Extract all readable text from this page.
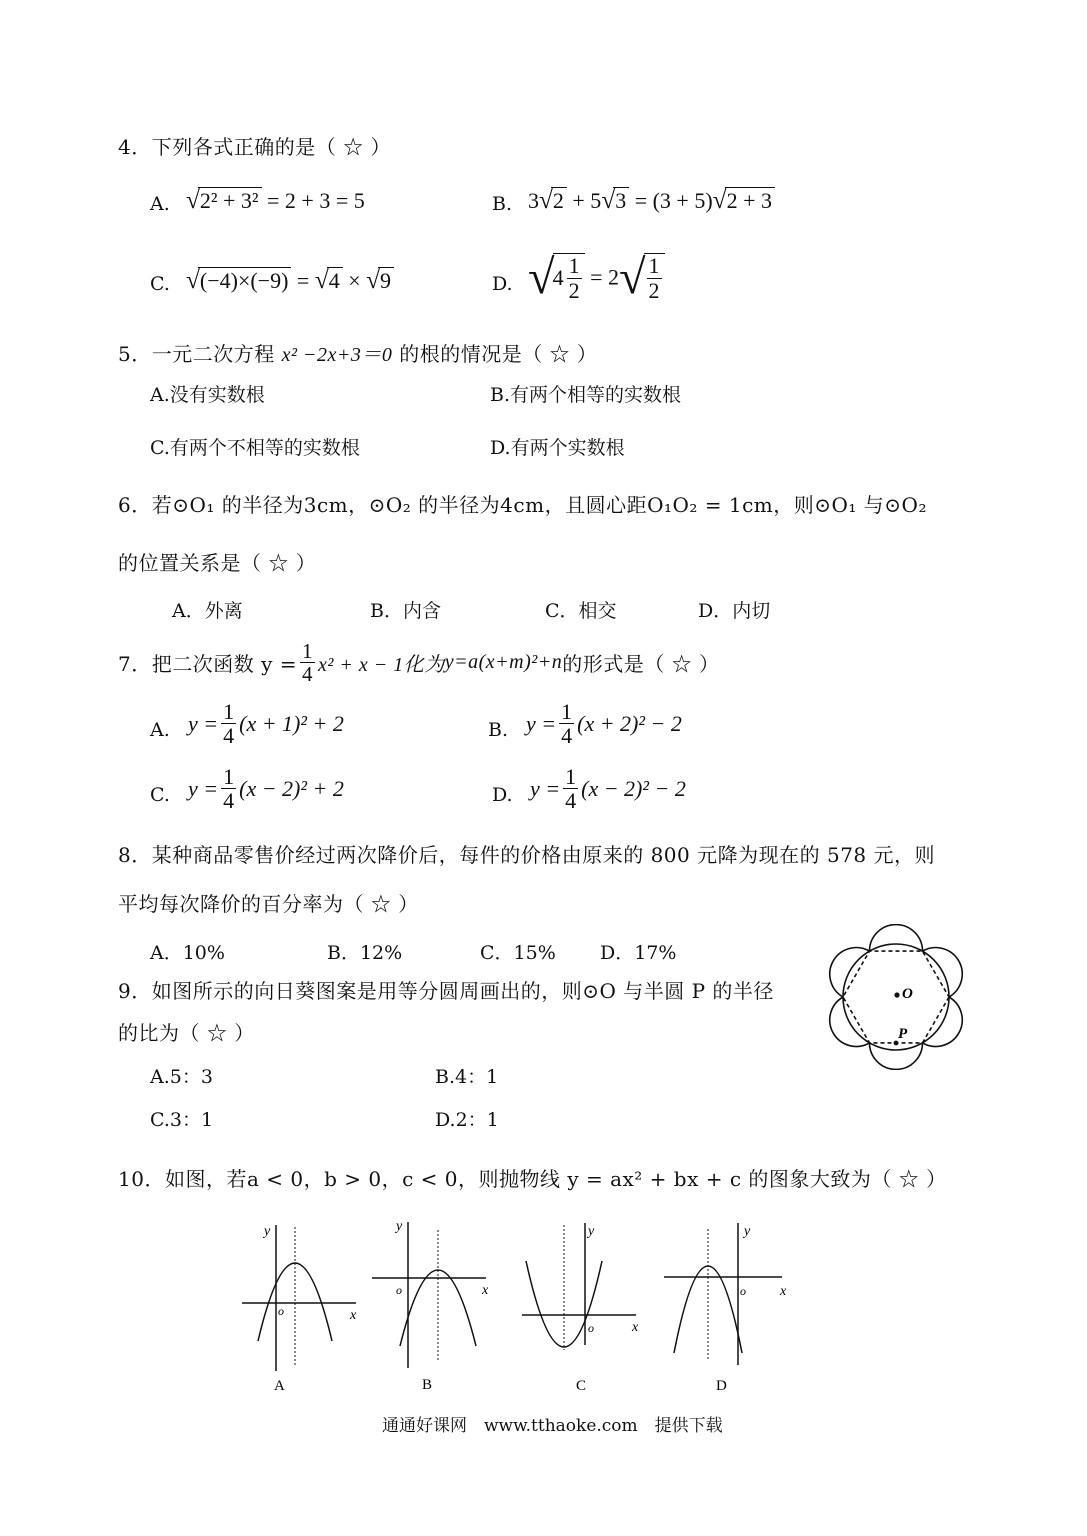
4．下列各式正确的是（ ☆ ）
A. √2² + 3² = 2 + 3 = 5	B. 3√2 + 5√3 = (3 + 5)√2 + 3
C. √(−4)×(−9) = √4 × √9	D. √
$4 \frac{1}{2} = 2√ \frac{1}{2}$
5．一元二次方程 x² −2x+3＝0 的根的情况是（ ☆ ）
A.没有实数根	B.有两个相等的实数根
C.有两个不相等的实数根	D.有两个实数根
6．若⊙O₁ 的半径为3cm，⊙O₂ 的半径为4cm，且圆心距O₁O₂ = 1cm，则⊙O₁ 与⊙O₂
的位置关系是（ ☆ ）
A．外离	B．内含	C．相交	D．内切
7．把二次函数 $y = \frac{1}{4} x^2 + x - 1$化为 y=a(x+m)²+n 的形式是（ ☆ ）
A. $y = \frac{1}{4} (x + 1)^2 + 2$	B. $y = \frac{1}{4} (x + 2)^2 - 2$
C. $y = \frac{1}{4} (x - 2)^2 + 2$	D. $y = \frac{1}{4} (x - 2)^2 - 2$
8．某种商品零售价经过两次降价后，每件的价格由原来的 800 元降为现在的 578 元，则
平均每次降价的百分率为（ ☆ ）
A．10%	B．12%	C．15% D．17%
9．如图所示的向日葵图案是用等分圆周画出的，则⊙O 与半圆 P 的半径
的比为（ ☆ ）
A.5：3	B.4：1
C.3：1	D.2：1
O
P
10．如图，若a < 0，b > 0，c < 0，则抛物线 y = ax² + bx + c 的图象大致为（ ☆ ）
y
x
o
A
y
x
o
B
y
x
o
C
y
x
o
D
通通好课网　www.tthaoke.com　提供下载
